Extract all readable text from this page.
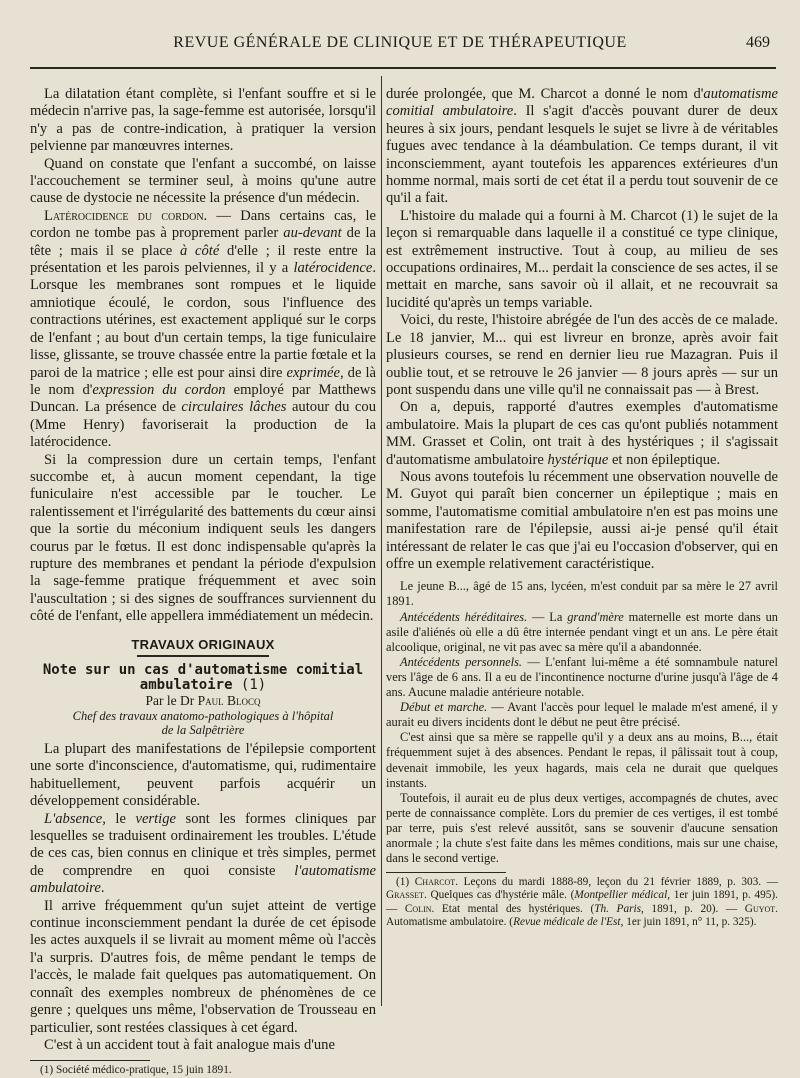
REVUE GÉNÉRALE DE CLINIQUE ET DE THÉRAPEUTIQUE	469

La dilatation étant complète, si l'enfant souffre et si le médecin n'arrive pas, la sage-femme est autorisée, lorsqu'il n'y a pas de contre-indication, à pratiquer la version pelvienne par manœuvres internes.

Quand on constate que l'enfant a succombé, on laisse l'accouchement se terminer seul, à moins qu'une autre cause de dystocie ne nécessite la présence d'un médecin.

Latérocidence du cordon. — Dans certains cas, le cordon ne tombe pas à proprement parler au-devant de la tête ; mais il se place à côté d'elle ; il reste entre la présentation et les parois pelviennes, il y a latérocidence. Lorsque les membranes sont rompues et le liquide amniotique écoulé, le cordon, sous l'influence des contractions utérines, est exactement appliqué sur le corps de l'enfant ; au bout d'un certain temps, la tige funiculaire lisse, glissante, se trouve chassée entre la partie fœtale et la paroi de la matrice ; elle est pour ainsi dire exprimée, de là le nom d'expression du cordon employé par Matthews Duncan. La présence de circulaires lâches autour du cou (Mme Henry) favoriserait la production de la latérocidence.

Si la compression dure un certain temps, l'enfant succombe et, à aucun moment cependant, la tige funiculaire n'est accessible par le toucher. Le ralentissement et l'irrégularité des battements du cœur ainsi que la sortie du méconium indiquent seuls les dangers courus par le fœtus. Il est donc indispensable qu'après la rupture des membranes et pendant la période d'expulsion la sage-femme pratique fréquemment et avec soin l'auscultation ; si des signes de souffrances surviennent du côté de l'enfant, elle appellera immédiatement un médecin.

TRAVAUX ORIGINAUX
Note sur un cas d'automatisme comitial ambulatoire (1)
Par le Dr Paul Blocq
Chef des travaux anatomo-pathologiques à l'hôpital
de la Salpêtrière

La plupart des manifestations de l'épilepsie comportent une sorte d'inconscience, d'automatisme, qui, rudimentaire habituellement, peuvent parfois acquérir un développement considérable.

L'absence, le vertige sont les formes cliniques par lesquelles se traduisent ordinairement les troubles. L'étude de ces cas, bien connus en clinique et très simples, permet de comprendre en quoi consiste l'automatisme ambulatoire.

Il arrive fréquemment qu'un sujet atteint de vertige continue inconsciemment pendant la durée de cet épisode les actes auxquels il se livrait au moment même où l'accès l'a surpris. D'autres fois, de même pendant le temps de l'accès, le malade fait quelques pas automatiquement. On connaît des exemples nombreux de phénomènes de ce genre ; quelques uns même, l'observation de Trousseau en particulier, sont restées classiques à cet égard.

C'est à un accident tout à fait analogue mais d'une

(1) Société médico-pratique, 15 juin 1891.

durée prolongée, que M. Charcot a donné le nom d'automatisme comitial ambulatoire. Il s'agit d'accès pouvant durer de deux heures à six jours, pendant lesquels le sujet se livre à de véritables fugues avec tendance à la déambulation. Ce temps durant, il vit inconsciemment, ayant toutefois les apparences extérieures d'un homme normal, mais sorti de cet état il a perdu tout souvenir de ce qu'il a fait.

L'histoire du malade qui a fourni à M. Charcot (1) le sujet de la leçon si remarquable dans laquelle il a constitué ce type clinique, est extrêmement instructive. Tout à coup, au milieu de ses occupations ordinaires, M... perdait la conscience de ses actes, il se mettait en marche, sans savoir où il allait, et ne recouvrait sa lucidité qu'après un temps variable.

Voici, du reste, l'histoire abrégée de l'un des accès de ce malade. Le 18 janvier, M... qui est livreur en bronze, après avoir fait plusieurs courses, se rend en dernier lieu rue Mazagran. Puis il oublie tout, et se retrouve le 26 janvier — 8 jours après — sur un pont suspendu dans une ville qu'il ne connaissait pas — à Brest.

On a, depuis, rapporté d'autres exemples d'automatisme ambulatoire. Mais la plupart de ces cas qu'ont publiés notamment MM. Grasset et Colin, ont trait à des hystériques ; il s'agissait d'automatisme ambulatoire hystérique et non épileptique.

Nous avons toutefois lu récemment une observation nouvelle de M. Guyot qui paraît bien concerner un épileptique ; mais en somme, l'automatisme comitial ambulatoire n'en est pas moins une manifestation rare de l'épilepsie, aussi ai-je pensé qu'il était intéressant de relater le cas que j'ai eu l'occasion d'observer, qui en offre un exemple relativement caractéristique.

Le jeune B..., âgé de 15 ans, lycéen, m'est conduit par sa mère le 27 avril 1891.

Antécédents héréditaires. — La grand'mère maternelle est morte dans un asile d'aliénés où elle a dû être internée pendant vingt et un ans. Le père était alcoolique, original, ne vit pas avec sa mère qu'il a abandonnée.

Antécédents personnels. — L'enfant lui-même a été somnambule naturel vers l'âge de 6 ans. Il a eu de l'incontinence nocturne d'urine jusqu'à l'âge de 4 ans. Aucune maladie antérieure notable.

Début et marche. — Avant l'accès pour lequel le malade m'est amené, il y aurait eu divers incidents dont le début ne peut être précisé.

C'est ainsi que sa mère se rappelle qu'il y a deux ans au moins, B..., était fréquemment sujet à des absences. Pendant le repas, il pâlissait tout à coup, devenait immobile, les yeux hagards, mais cela ne durait que quelques instants.

Toutefois, il aurait eu de plus deux vertiges, accompagnés de chutes, avec perte de connaissance complète. Lors du premier de ces vertiges, il est tombé par terre, puis s'est relevé aussitôt, sans se souvenir d'aucune sensation anormale ; la chute s'est faite dans les mêmes conditions, mais sur une chaise, dans le second vertige.

(1) Charcot. Leçons du mardi 1888-89, leçon du 21 février 1889, p. 303. — Grasset. Quelques cas d'hystérie mâle. (Montpellier médical, 1er juin 1891, p. 495). — Colin. Etat mental des hystériques. (Th. Paris, 1891, p. 20). — Guyot. Automatisme ambulatoire. (Revue médicale de l'Est, 1er juin 1891, n° 11, p. 325).
